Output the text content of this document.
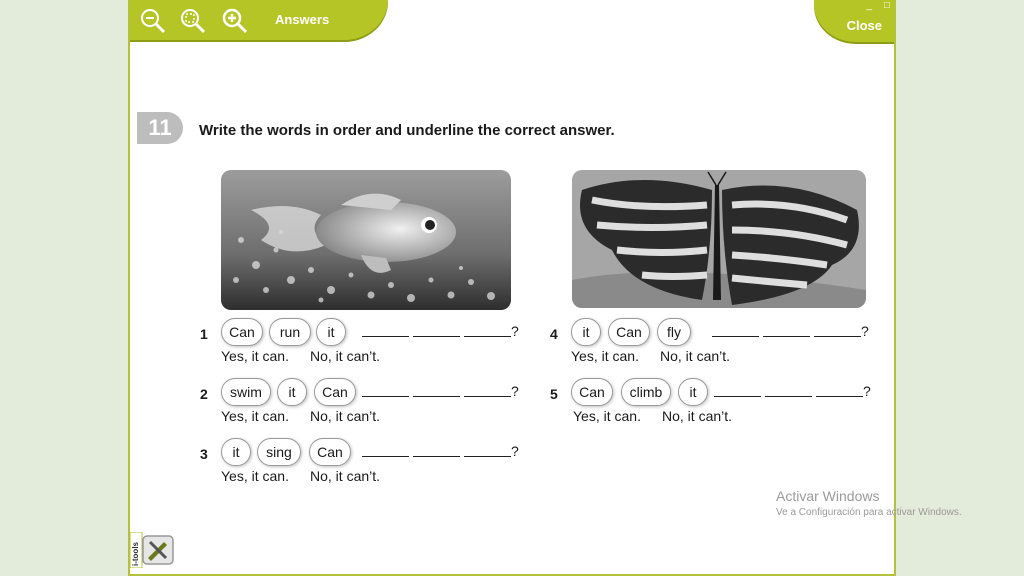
Answers
_ □
Close
11	Write the words in order and underline the correct answer.
1	Can	run	it	?
Yes, it can. No, it can’t.
2	swim	it	Can	?
Yes, it can. No, it can’t.
3	it	sing	Can	?
Yes, it can. No, it can’t.
4	it	Can	fly	?
Yes, it can. No, it can’t.
5	Can	climb	it	?
Yes, it can. No, it can’t.
Activar Windows
Ve a Configuración para activar Windows.
i-tools
